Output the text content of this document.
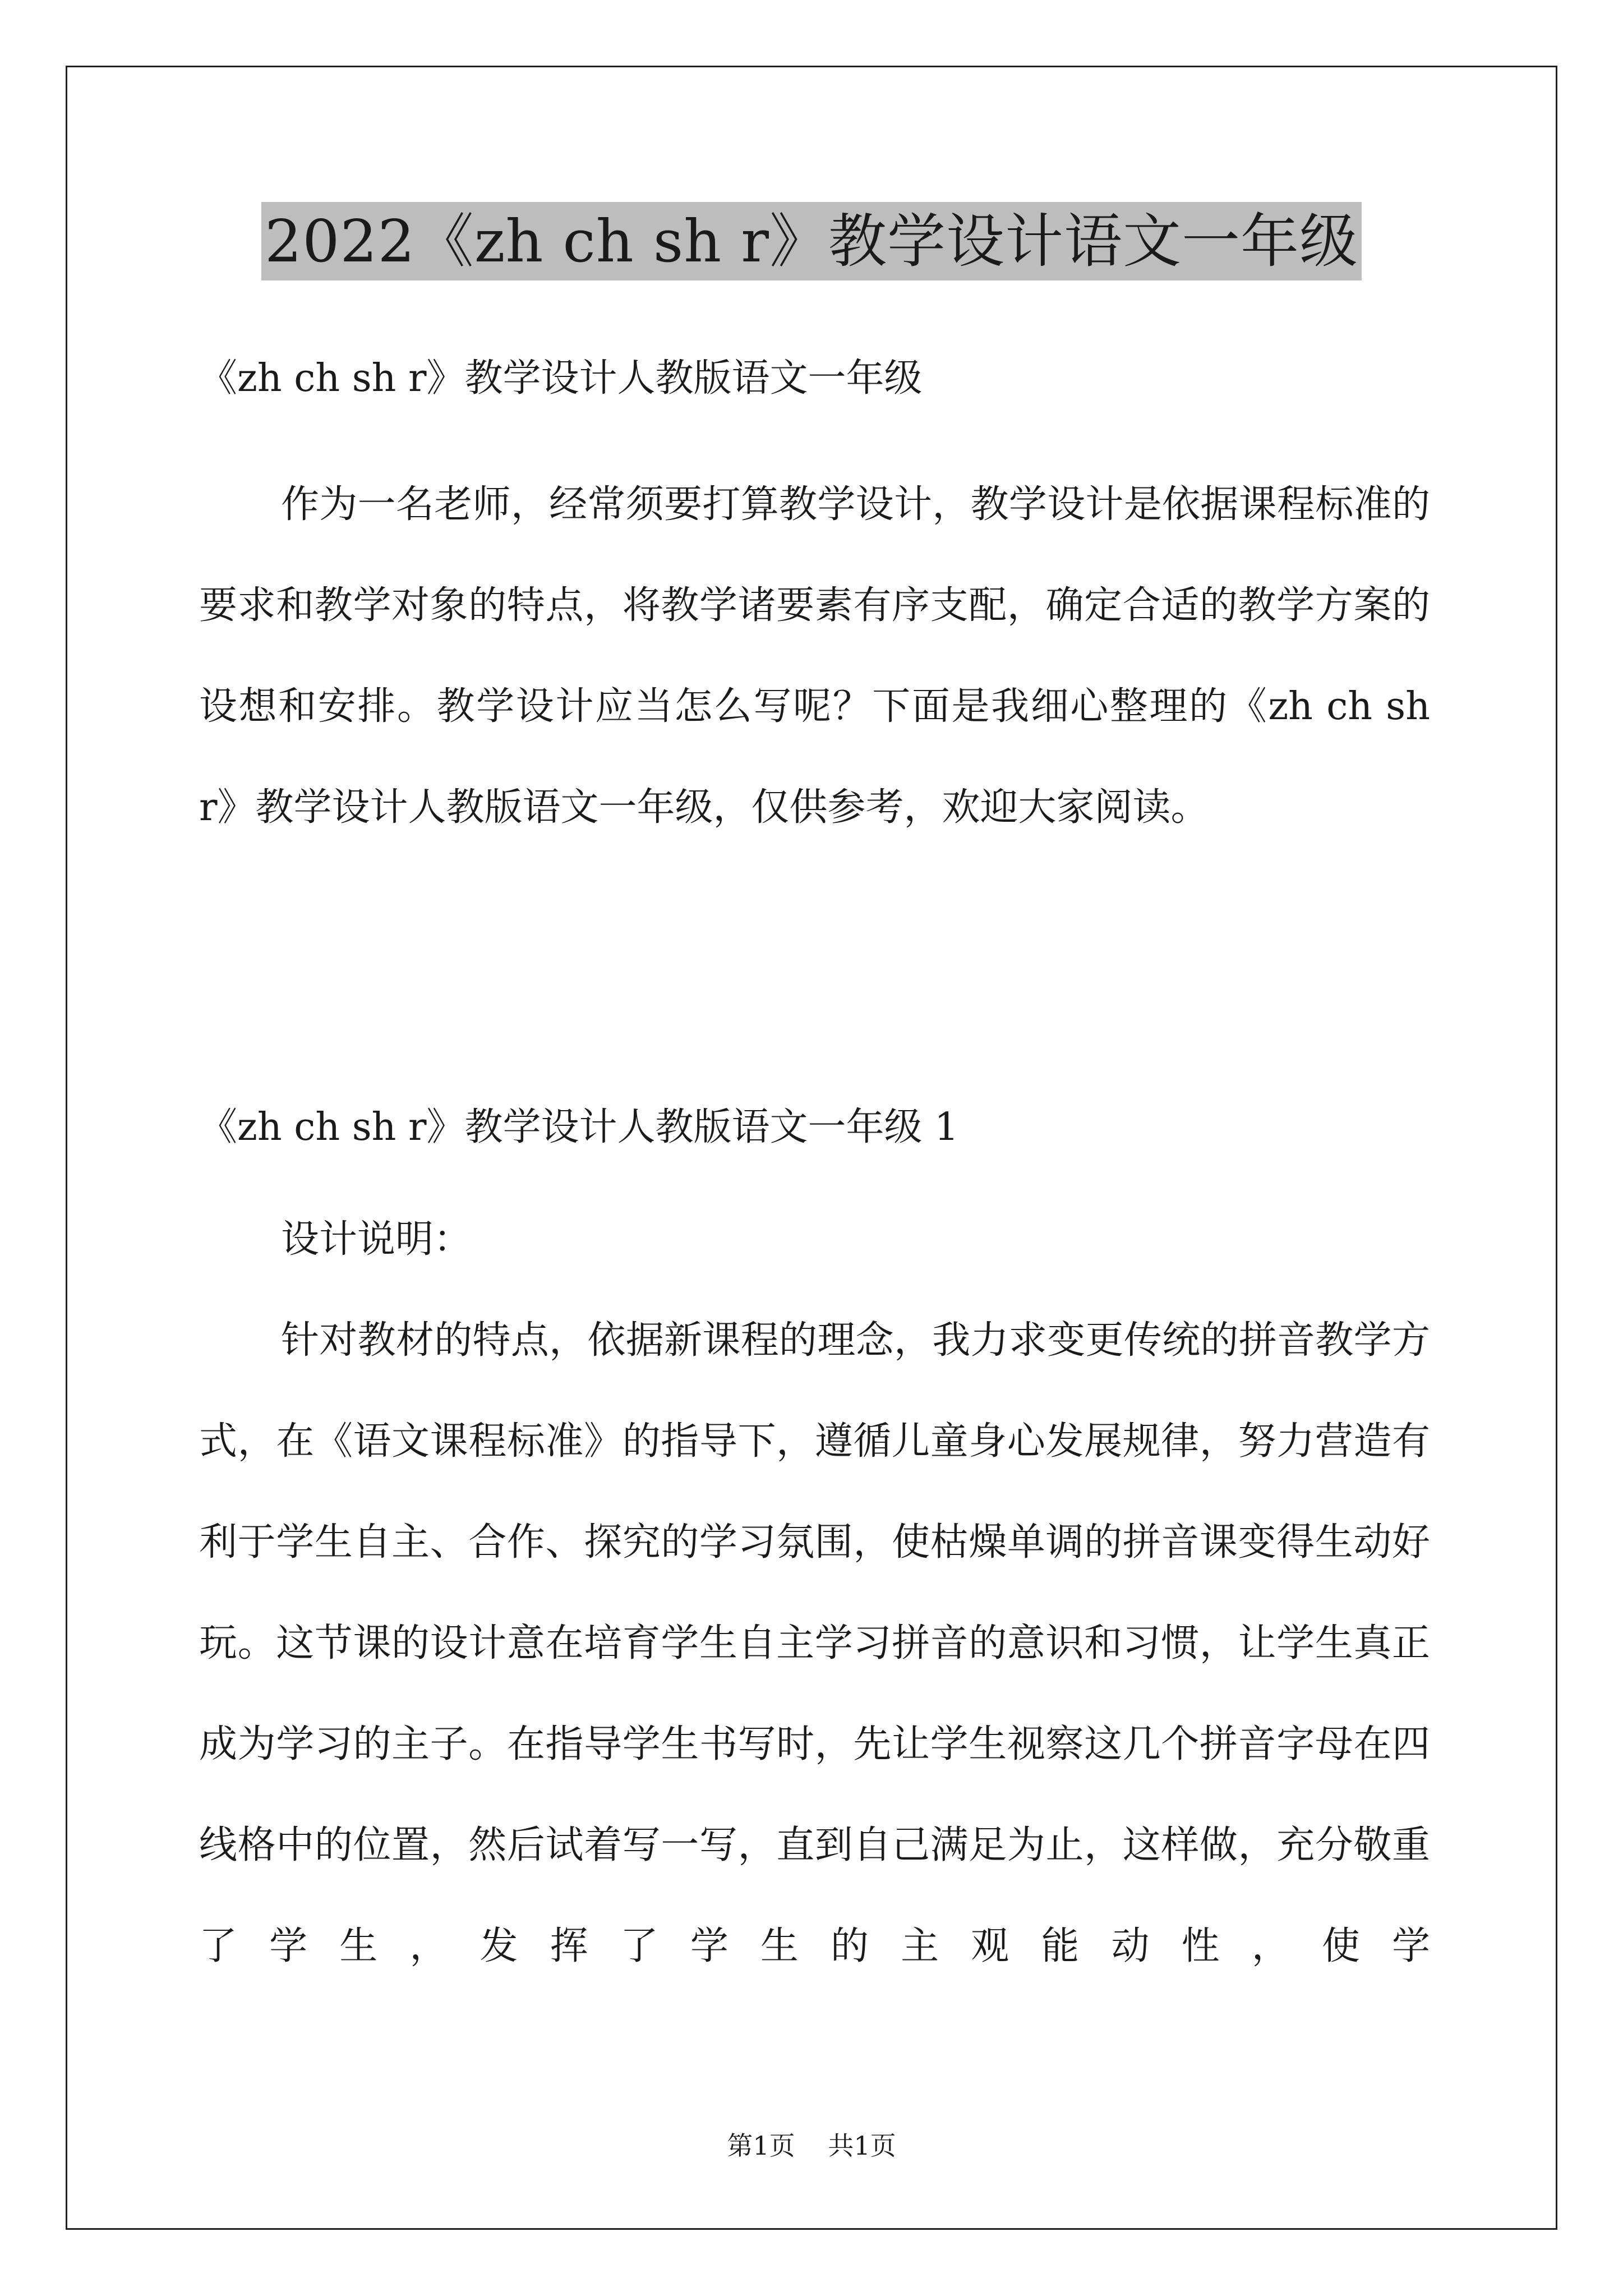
2022《zh ch sh r》教学设计语文一年级
《zh ch sh r》教学设计人教版语文一年级
作为一名老师，经常须要打算教学设计，教学设计是依据课程标准的要求和教学对象的特点，将教学诸要素有序支配，确定合适的教学方案的设想和安排。教学设计应当怎么写呢？下面是我细心整理的《zh ch sh r》教学设计人教版语文一年级，仅供参考，欢迎大家阅读。
《zh ch sh r》教学设计人教版语文一年级 1
设计说明：
针对教材的特点，依据新课程的理念，我力求变更传统的拼音教学方式，在《语文课程标准》的指导下，遵循儿童身心发展规律，努力营造有利于学生自主、合作、探究的学习氛围，使枯燥单调的拼音课变得生动好玩。这节课的设计意在培育学生自主学习拼音的意识和习惯，让学生真正成为学习的主子。在指导学生书写时，先让学生视察这几个拼音字母在四线格中的位置，然后试着写一写，直到自己满足为止，这样做，充分敬重了学生，发挥了学生的主观能动性，使学
第1页 共1页
